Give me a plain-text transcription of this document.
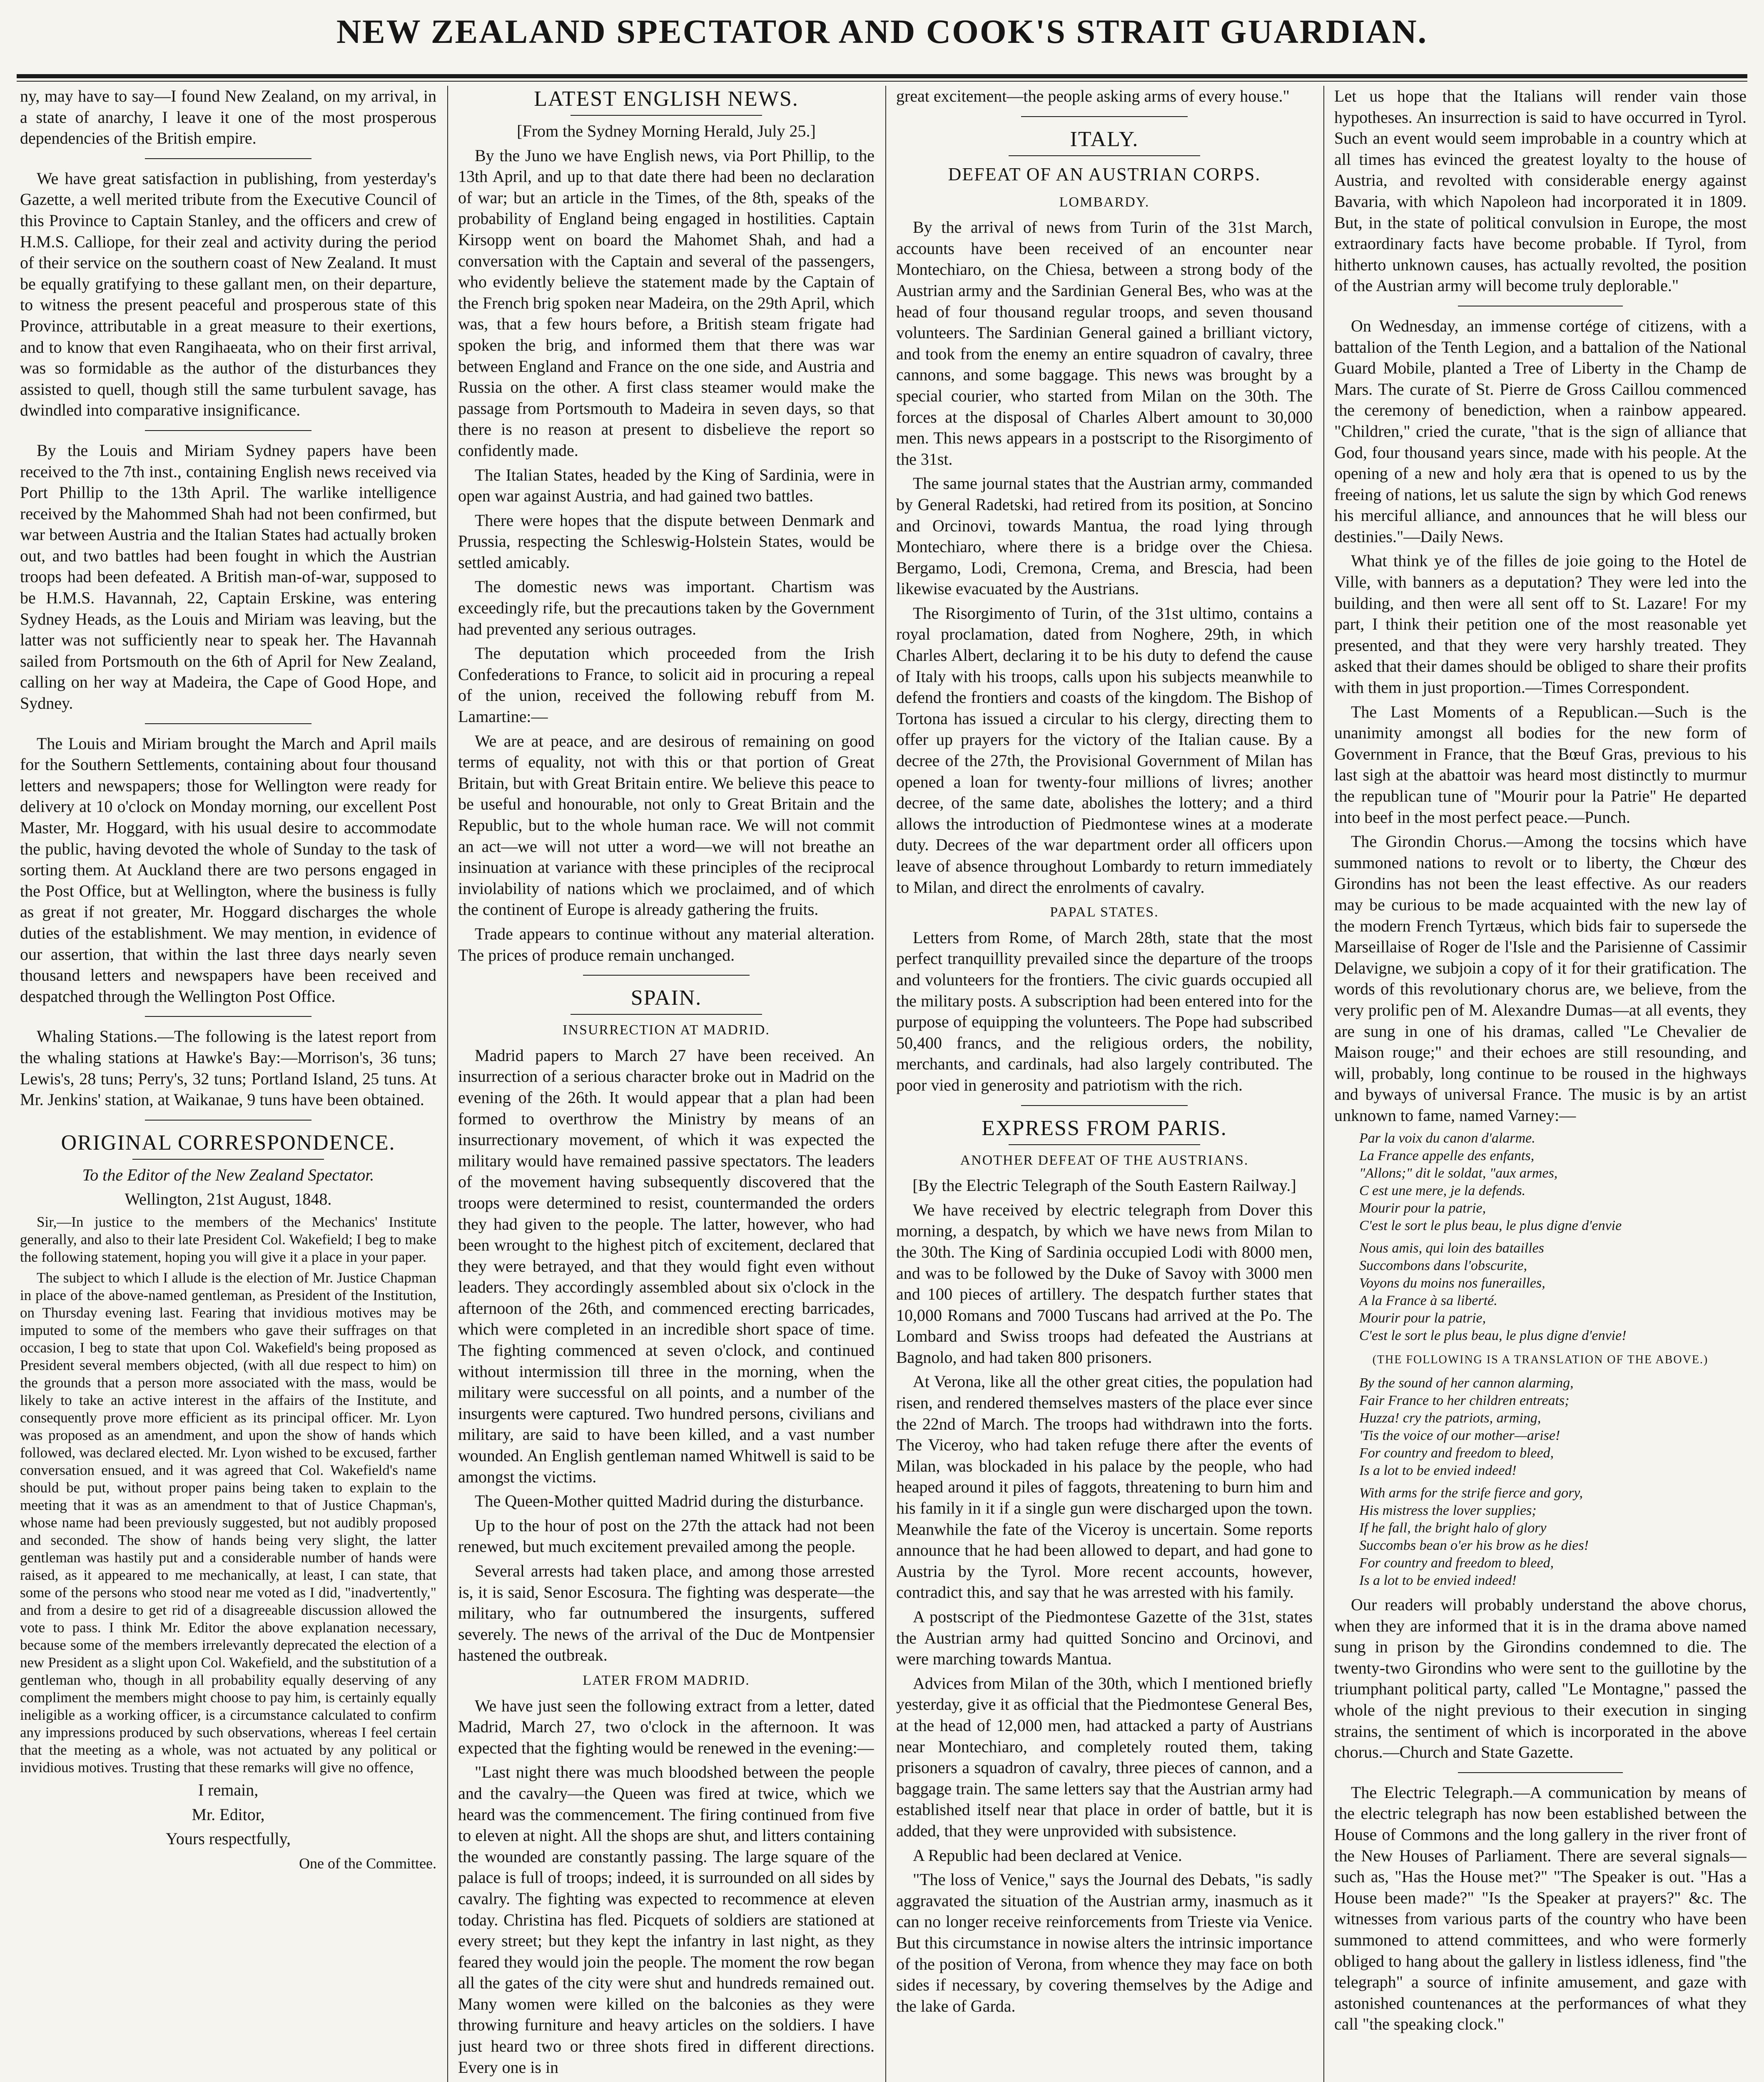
NEW ZEALAND SPECTATOR AND COOK'S STRAIT GUARDIAN.

ny, may have to say—I found New Zealand, on my arrival, in a state of anarchy, I leave it one of the most prosperous dependencies of the British empire.

We have great satisfaction in publishing, from yesterday's Gazette, a well merited tribute from the Executive Council of this Province to Captain Stanley, and the officers and crew of H.M.S. Calliope, for their zeal and activity during the period of their service on the southern coast of New Zealand. It must be equally gratifying to these gallant men, on their departure, to witness the present peaceful and prosperous state of this Province, attributable in a great measure to their exertions, and to know that even Rangihaeata, who on their first arrival, was so formidable as the author of the disturbances they assisted to quell, though still the same turbulent savage, has dwindled into comparative insignificance.

By the Louis and Miriam Sydney papers have been received to the 7th inst., containing English news received via Port Phillip to the 13th April. The warlike intelligence received by the Mahommed Shah had not been confirmed, but war between Austria and the Italian States had actually broken out, and two battles had been fought in which the Austrian troops had been defeated. A British man-of-war, supposed to be H.M.S. Havannah, 22, Captain Erskine, was entering Sydney Heads, as the Louis and Miriam was leaving, but the latter was not sufficiently near to speak her. The Havannah sailed from Portsmouth on the 6th of April for New Zealand, calling on her way at Madeira, the Cape of Good Hope, and Sydney.

The Louis and Miriam brought the March and April mails for the Southern Settlements, containing about four thousand letters and newspapers; those for Wellington were ready for delivery at 10 o'clock on Monday morning, our excellent Post Master, Mr. Hoggard, with his usual desire to accommodate the public, having devoted the whole of Sunday to the task of sorting them. At Auckland there are two persons engaged in the Post Office, but at Wellington, where the business is fully as great if not greater, Mr. Hoggard discharges the whole duties of the establishment. We may mention, in evidence of our assertion, that within the last three days nearly seven thousand letters and newspapers have been received and despatched through the Wellington Post Office.

Whaling Stations.—The following is the latest report from the whaling stations at Hawke's Bay:—Morrison's, 36 tuns; Lewis's, 28 tuns; Perry's, 32 tuns; Portland Island, 25 tuns. At Mr. Jenkins' station, at Waikanae, 9 tuns have been obtained.

ORIGINAL CORRESPONDENCE.

To the Editor of the New Zealand Spectator.

Wellington, 21st August, 1848.

Sir,—In justice to the members of the Mechanics' Institute generally, and also to their late President Col. Wakefield; I beg to make the following statement, hoping you will give it a place in your paper.

The subject to which I allude is the election of Mr. Justice Chapman in place of the above-named gentleman, as President of the Institution, on Thursday evening last. Fearing that invidious motives may be imputed to some of the members who gave their suffrages on that occasion, I beg to state that upon Col. Wakefield's being proposed as President several members objected, (with all due respect to him) on the grounds that a person more associated with the mass, would be likely to take an active interest in the affairs of the Institute, and consequently prove more efficient as its principal officer. Mr. Lyon was proposed as an amendment, and upon the show of hands which followed, was declared elected. Mr. Lyon wished to be excused, farther conversation ensued, and it was agreed that Col. Wakefield's name should be put, without proper pains being taken to explain to the meeting that it was as an amendment to that of Justice Chapman's, whose name had been previously suggested, but not audibly proposed and seconded. The show of hands being very slight, the latter gentleman was hastily put and a considerable number of hands were raised, as it appeared to me mechanically, at least, I can state, that some of the persons who stood near me voted as I did, "inadvertently," and from a desire to get rid of a disagreeable discussion allowed the vote to pass. I think Mr. Editor the above explanation necessary, because some of the members irrelevantly deprecated the election of a new President as a slight upon Col. Wakefield, and the substitution of a gentleman who, though in all probability equally deserving of any compliment the members might choose to pay him, is certainly equally ineligible as a working officer, is a circumstance calculated to confirm any impressions produced by such observations, whereas I feel certain that the meeting as a whole, was not actuated by any political or invidious motives. Trusting that these remarks will give no offence,

I remain,

Mr. Editor,

Yours respectfully,

One of the Committee.

LATEST ENGLISH NEWS.

[From the Sydney Morning Herald, July 25.]

By the Juno we have English news, via Port Phillip, to the 13th April, and up to that date there had been no declaration of war; but an article in the Times, of the 8th, speaks of the probability of England being engaged in hostilities. Captain Kirsopp went on board the Mahomet Shah, and had a conversation with the Captain and several of the passengers, who evidently believe the statement made by the Captain of the French brig spoken near Madeira, on the 29th April, which was, that a few hours before, a British steam frigate had spoken the brig, and informed them that there was war between England and France on the one side, and Austria and Russia on the other. A first class steamer would make the passage from Portsmouth to Madeira in seven days, so that there is no reason at present to disbelieve the report so confidently made.

The Italian States, headed by the King of Sardinia, were in open war against Austria, and had gained two battles.

There were hopes that the dispute between Denmark and Prussia, respecting the Schleswig-Holstein States, would be settled amicably.

The domestic news was important. Chartism was exceedingly rife, but the precautions taken by the Government had prevented any serious outrages.

The deputation which proceeded from the Irish Confederations to France, to solicit aid in procuring a repeal of the union, received the following rebuff from M. Lamartine:—

We are at peace, and are desirous of remaining on good terms of equality, not with this or that portion of Great Britain, but with Great Britain entire. We believe this peace to be useful and honourable, not only to Great Britain and the Republic, but to the whole human race. We will not commit an act—we will not utter a word—we will not breathe an insinuation at variance with these principles of the reciprocal inviolability of nations which we proclaimed, and of which the continent of Europe is already gathering the fruits.

Trade appears to continue without any material alteration. The prices of produce remain unchanged.

SPAIN.
INSURRECTION AT MADRID.

Madrid papers to March 27 have been received. An insurrection of a serious character broke out in Madrid on the evening of the 26th. It would appear that a plan had been formed to overthrow the Ministry by means of an insurrectionary movement, of which it was expected the military would have remained passive spectators. The leaders of the movement having subsequently discovered that the troops were determined to resist, countermanded the orders they had given to the people. The latter, however, who had been wrought to the highest pitch of excitement, declared that they were betrayed, and that they would fight even without leaders. They accordingly assembled about six o'clock in the afternoon of the 26th, and commenced erecting barricades, which were completed in an incredible short space of time. The fighting commenced at seven o'clock, and continued without intermission till three in the morning, when the military were successful on all points, and a number of the insurgents were captured. Two hundred persons, civilians and military, are said to have been killed, and a vast number wounded. An English gentleman named Whitwell is said to be amongst the victims.

The Queen-Mother quitted Madrid during the disturbance.

Up to the hour of post on the 27th the attack had not been renewed, but much excitement prevailed among the people.

Several arrests had taken place, and among those arrested is, it is said, Senor Escosura. The fighting was desperate—the military, who far outnumbered the insurgents, suffered severely. The news of the arrival of the Duc de Montpensier hastened the outbreak.

LATER FROM MADRID.

We have just seen the following extract from a letter, dated Madrid, March 27, two o'clock in the afternoon. It was expected that the fighting would be renewed in the evening:—

"Last night there was much bloodshed between the people and the cavalry—the Queen was fired at twice, which we heard was the commencement. The firing continued from five to eleven at night. All the shops are shut, and litters containing the wounded are constantly passing. The large square of the palace is full of troops; indeed, it is surrounded on all sides by cavalry. The fighting was expected to recommence at eleven today. Christina has fled. Picquets of soldiers are stationed at every street; but they kept the infantry in last night, as they feared they would join the people. The moment the row began all the gates of the city were shut and hundreds remained out. Many women were killed on the balconies as they were throwing furniture and heavy articles on the soldiers. I have just heard two or three shots fired in different directions. Every one is in

great excitement—the people asking arms of every house."

ITALY.
DEFEAT OF AN AUSTRIAN CORPS.
LOMBARDY.

By the arrival of news from Turin of the 31st March, accounts have been received of an encounter near Montechiaro, on the Chiesa, between a strong body of the Austrian army and the Sardinian General Bes, who was at the head of four thousand regular troops, and seven thousand volunteers. The Sardinian General gained a brilliant victory, and took from the enemy an entire squadron of cavalry, three cannons, and some baggage. This news was brought by a special courier, who started from Milan on the 30th. The forces at the disposal of Charles Albert amount to 30,000 men. This news appears in a postscript to the Risorgimento of the 31st.

The same journal states that the Austrian army, commanded by General Radetski, had retired from its position, at Soncino and Orcinovi, towards Mantua, the road lying through Montechiaro, where there is a bridge over the Chiesa. Bergamo, Lodi, Cremona, Crema, and Brescia, had been likewise evacuated by the Austrians.

The Risorgimento of Turin, of the 31st ultimo, contains a royal proclamation, dated from Noghere, 29th, in which Charles Albert, declaring it to be his duty to defend the cause of Italy with his troops, calls upon his subjects meanwhile to defend the frontiers and coasts of the kingdom. The Bishop of Tortona has issued a circular to his clergy, directing them to offer up prayers for the victory of the Italian cause. By a decree of the 27th, the Provisional Government of Milan has opened a loan for twenty-four millions of livres; another decree, of the same date, abolishes the lottery; and a third allows the introduction of Piedmontese wines at a moderate duty. Decrees of the war department order all officers upon leave of absence throughout Lombardy to return immediately to Milan, and direct the enrolments of cavalry.

PAPAL STATES.

Letters from Rome, of March 28th, state that the most perfect tranquillity prevailed since the departure of the troops and volunteers for the frontiers. The civic guards occupied all the military posts. A subscription had been entered into for the purpose of equipping the volunteers. The Pope had subscribed 50,400 francs, and the religious orders, the nobility, merchants, and cardinals, had also largely contributed. The poor vied in generosity and patriotism with the rich.

EXPRESS FROM PARIS.
ANOTHER DEFEAT OF THE AUSTRIANS.

[By the Electric Telegraph of the South Eastern Railway.]

We have received by electric telegraph from Dover this morning, a despatch, by which we have news from Milan to the 30th. The King of Sardinia occupied Lodi with 8000 men, and was to be followed by the Duke of Savoy with 3000 men and 100 pieces of artillery. The despatch further states that 10,000 Romans and 7000 Tuscans had arrived at the Po. The Lombard and Swiss troops had defeated the Austrians at Bagnolo, and had taken 800 prisoners.

At Verona, like all the other great cities, the population had risen, and rendered themselves masters of the place ever since the 22nd of March. The troops had withdrawn into the forts. The Viceroy, who had taken refuge there after the events of Milan, was blockaded in his palace by the people, who had heaped around it piles of faggots, threatening to burn him and his family in it if a single gun were discharged upon the town. Meanwhile the fate of the Viceroy is uncertain. Some reports announce that he had been allowed to depart, and had gone to Austria by the Tyrol. More recent accounts, however, contradict this, and say that he was arrested with his family.

A postscript of the Piedmontese Gazette of the 31st, states the Austrian army had quitted Soncino and Orcinovi, and were marching towards Mantua.

Advices from Milan of the 30th, which I mentioned briefly yesterday, give it as official that the Piedmontese General Bes, at the head of 12,000 men, had attacked a party of Austrians near Montechiaro, and completely routed them, taking prisoners a squadron of cavalry, three pieces of cannon, and a baggage train. The same letters say that the Austrian army had established itself near that place in order of battle, but it is added, that they were unprovided with subsistence.

A Republic had been declared at Venice.

"The loss of Venice," says the Journal des Debats, "is sadly aggravated the situation of the Austrian army, inasmuch as it can no longer receive reinforcements from Trieste via Venice. But this circumstance in nowise alters the intrinsic importance of the position of Verona, from whence they may face on both sides if necessary, by covering themselves by the Adige and the lake of Garda.

Let us hope that the Italians will render vain those hypotheses. An insurrection is said to have occurred in Tyrol. Such an event would seem improbable in a country which at all times has evinced the greatest loyalty to the house of Austria, and revolted with considerable energy against Bavaria, with which Napoleon had incorporated it in 1809. But, in the state of political convulsion in Europe, the most extraordinary facts have become probable. If Tyrol, from hitherto unknown causes, has actually revolted, the position of the Austrian army will become truly deplorable."

On Wednesday, an immense cortége of citizens, with a battalion of the Tenth Legion, and a battalion of the National Guard Mobile, planted a Tree of Liberty in the Champ de Mars. The curate of St. Pierre de Gross Caillou commenced the ceremony of benediction, when a rainbow appeared. "Children," cried the curate, "that is the sign of alliance that God, four thousand years since, made with his people. At the opening of a new and holy æra that is opened to us by the freeing of nations, let us salute the sign by which God renews his merciful alliance, and announces that he will bless our destinies."—Daily News.

What think ye of the filles de joie going to the Hotel de Ville, with banners as a deputation? They were led into the building, and then were all sent off to St. Lazare! For my part, I think their petition one of the most reasonable yet presented, and that they were very harshly treated. They asked that their dames should be obliged to share their profits with them in just proportion.—Times Correspondent.

The Last Moments of a Republican.—Such is the unanimity amongst all bodies for the new form of Government in France, that the Bœuf Gras, previous to his last sigh at the abattoir was heard most distinctly to murmur the republican tune of "Mourir pour la Patrie" He departed into beef in the most perfect peace.—Punch.

The Girondin Chorus.—Among the tocsins which have summoned nations to revolt or to liberty, the Chœur des Girondins has not been the least effective. As our readers may be curious to be made acquainted with the new lay of the modern French Tyrtæus, which bids fair to supersede the Marseillaise of Roger de l'Isle and the Parisienne of Cassimir Delavigne, we subjoin a copy of it for their gratification. The words of this revolutionary chorus are, we believe, from the very prolific pen of M. Alexandre Dumas—at all events, they are sung in one of his dramas, called "Le Chevalier de Maison rouge;" and their echoes are still resounding, and will, probably, long continue to be roused in the highways and byways of universal France. The music is by an artist unknown to fame, named Varney:—

Par la voix du canon d'alarme.
La France appelle des enfants,
"Allons;" dit le soldat, "aux armes,
C est une mere, je la defends.
Mourir pour la patrie,
C'est le sort le plus beau, le plus digne d'envie
Nous amis, qui loin des batailles
Succombons dans l'obscurite,
Voyons du moins nos funerailles,
A la France à sa liberté.
Mourir pour la patrie,
C'est le sort le plus beau, le plus digne d'envie!
(THE FOLLOWING IS A TRANSLATION OF THE ABOVE.)
By the sound of her cannon alarming,
Fair France to her children entreats;
Huzza! cry the patriots, arming,
'Tis the voice of our mother—arise!
For country and freedom to bleed,
Is a lot to be envied indeed!
With arms for the strife fierce and gory,
His mistress the lover supplies;
If he fall, the bright halo of glory
Succombs bean o'er his brow as he dies!
For country and freedom to bleed,
Is a lot to be envied indeed!

Our readers will probably understand the above chorus, when they are informed that it is in the drama above named sung in prison by the Girondins condemned to die. The twenty-two Girondins who were sent to the guillotine by the triumphant political party, called "Le Montagne," passed the whole of the night previous to their execution in singing strains, the sentiment of which is incorporated in the above chorus.—Church and State Gazette.

The Electric Telegraph.—A communication by means of the electric telegraph has now been established between the House of Commons and the long gallery in the river front of the New Houses of Parliament. There are several signals—such as, "Has the House met?" "The Speaker is out. "Has a House been made?" "Is the Speaker at prayers?" &c. The witnesses from various parts of the country who have been summoned to attend committees, and who were formerly obliged to hang about the gallery in listless idleness, find "the telegraph" a source of infinite amusement, and gaze with astonished countenances at the performances of what they call "the speaking clock."
